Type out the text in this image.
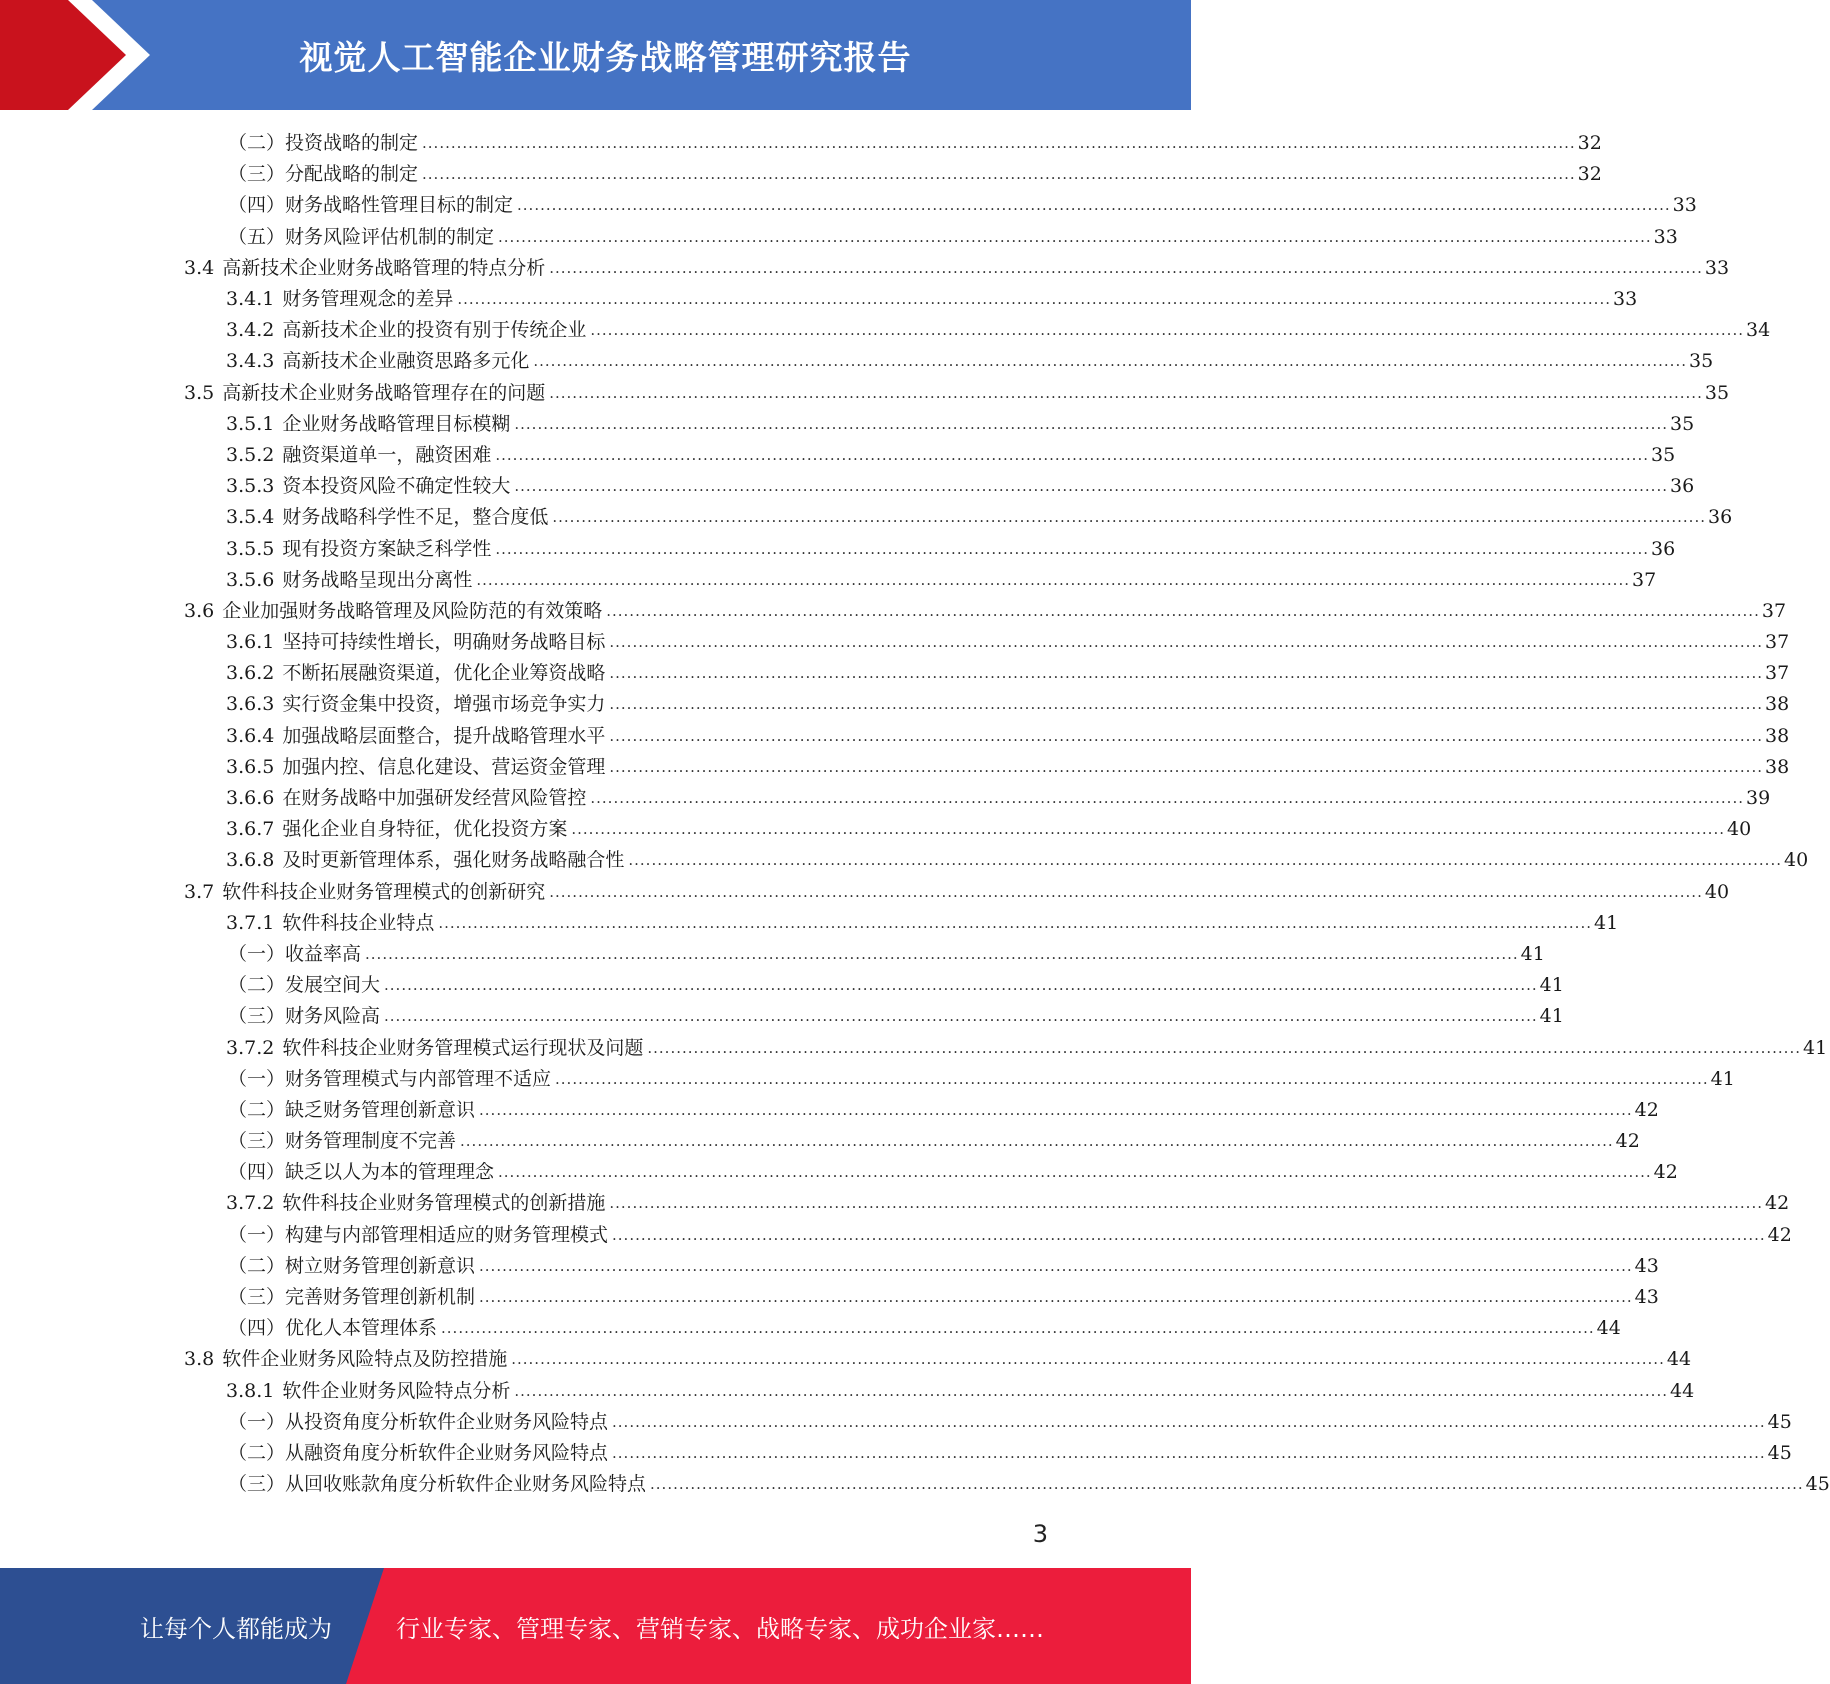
视觉人工智能企业财务战略管理研究报告
（二）投资战略的制定 ........................................................................................................................................................................................................ 32
（三）分配战略的制定 ........................................................................................................................................................................................................ 32
（四）财务战略性管理目标的制定 ........................................................................................................................................................................................................ 33
（五）财务风险评估机制的制定 ........................................................................................................................................................................................................ 33
3.4 高新技术企业财务战略管理的特点分析 ........................................................................................................................................................................................................ 33
3.4.1 财务管理观念的差异 ........................................................................................................................................................................................................ 33
3.4.2 高新技术企业的投资有别于传统企业 ........................................................................................................................................................................................................ 34
3.4.3 高新技术企业融资思路多元化 ........................................................................................................................................................................................................ 35
3.5 高新技术企业财务战略管理存在的问题 ........................................................................................................................................................................................................ 35
3.5.1 企业财务战略管理目标模糊 ........................................................................................................................................................................................................ 35
3.5.2 融资渠道单一，融资困难 ........................................................................................................................................................................................................ 35
3.5.3 资本投资风险不确定性较大 ........................................................................................................................................................................................................ 36
3.5.4 财务战略科学性不足，整合度低 ........................................................................................................................................................................................................ 36
3.5.5 现有投资方案缺乏科学性 ........................................................................................................................................................................................................ 36
3.5.6 财务战略呈现出分离性 ........................................................................................................................................................................................................ 37
3.6 企业加强财务战略管理及风险防范的有效策略 ........................................................................................................................................................................................................ 37
3.6.1 坚持可持续性增长，明确财务战略目标 ........................................................................................................................................................................................................ 37
3.6.2 不断拓展融资渠道，优化企业筹资战略 ........................................................................................................................................................................................................ 37
3.6.3 实行资金集中投资，增强市场竞争实力 ........................................................................................................................................................................................................ 38
3.6.4 加强战略层面整合，提升战略管理水平 ........................................................................................................................................................................................................ 38
3.6.5 加强内控、信息化建设、营运资金管理 ........................................................................................................................................................................................................ 38
3.6.6 在财务战略中加强研发经营风险管控 ........................................................................................................................................................................................................ 39
3.6.7 强化企业自身特征，优化投资方案 ........................................................................................................................................................................................................ 40
3.6.8 及时更新管理体系，强化财务战略融合性 ........................................................................................................................................................................................................ 40
3.7 软件科技企业财务管理模式的创新研究 ........................................................................................................................................................................................................ 40
3.7.1 软件科技企业特点 ........................................................................................................................................................................................................ 41
（一）收益率高 ........................................................................................................................................................................................................ 41
（二）发展空间大 ........................................................................................................................................................................................................ 41
（三）财务风险高 ........................................................................................................................................................................................................ 41
3.7.2 软件科技企业财务管理模式运行现状及问题 ........................................................................................................................................................................................................ 41
（一）财务管理模式与内部管理不适应 ........................................................................................................................................................................................................ 41
（二）缺乏财务管理创新意识 ........................................................................................................................................................................................................ 42
（三）财务管理制度不完善 ........................................................................................................................................................................................................ 42
（四）缺乏以人为本的管理理念 ........................................................................................................................................................................................................ 42
3.7.2 软件科技企业财务管理模式的创新措施 ........................................................................................................................................................................................................ 42
（一）构建与内部管理相适应的财务管理模式 ........................................................................................................................................................................................................ 42
（二）树立财务管理创新意识 ........................................................................................................................................................................................................ 43
（三）完善财务管理创新机制 ........................................................................................................................................................................................................ 43
（四）优化人本管理体系 ........................................................................................................................................................................................................ 44
3.8 软件企业财务风险特点及防控措施 ........................................................................................................................................................................................................ 44
3.8.1 软件企业财务风险特点分析 ........................................................................................................................................................................................................ 44
（一）从投资角度分析软件企业财务风险特点 ........................................................................................................................................................................................................ 45
（二）从融资角度分析软件企业财务风险特点 ........................................................................................................................................................................................................ 45
（三）从回收账款角度分析软件企业财务风险特点 ........................................................................................................................................................................................................ 45
3
让每个人都能成为	行业专家、管理专家、营销专家、战略专家、成功企业家……
